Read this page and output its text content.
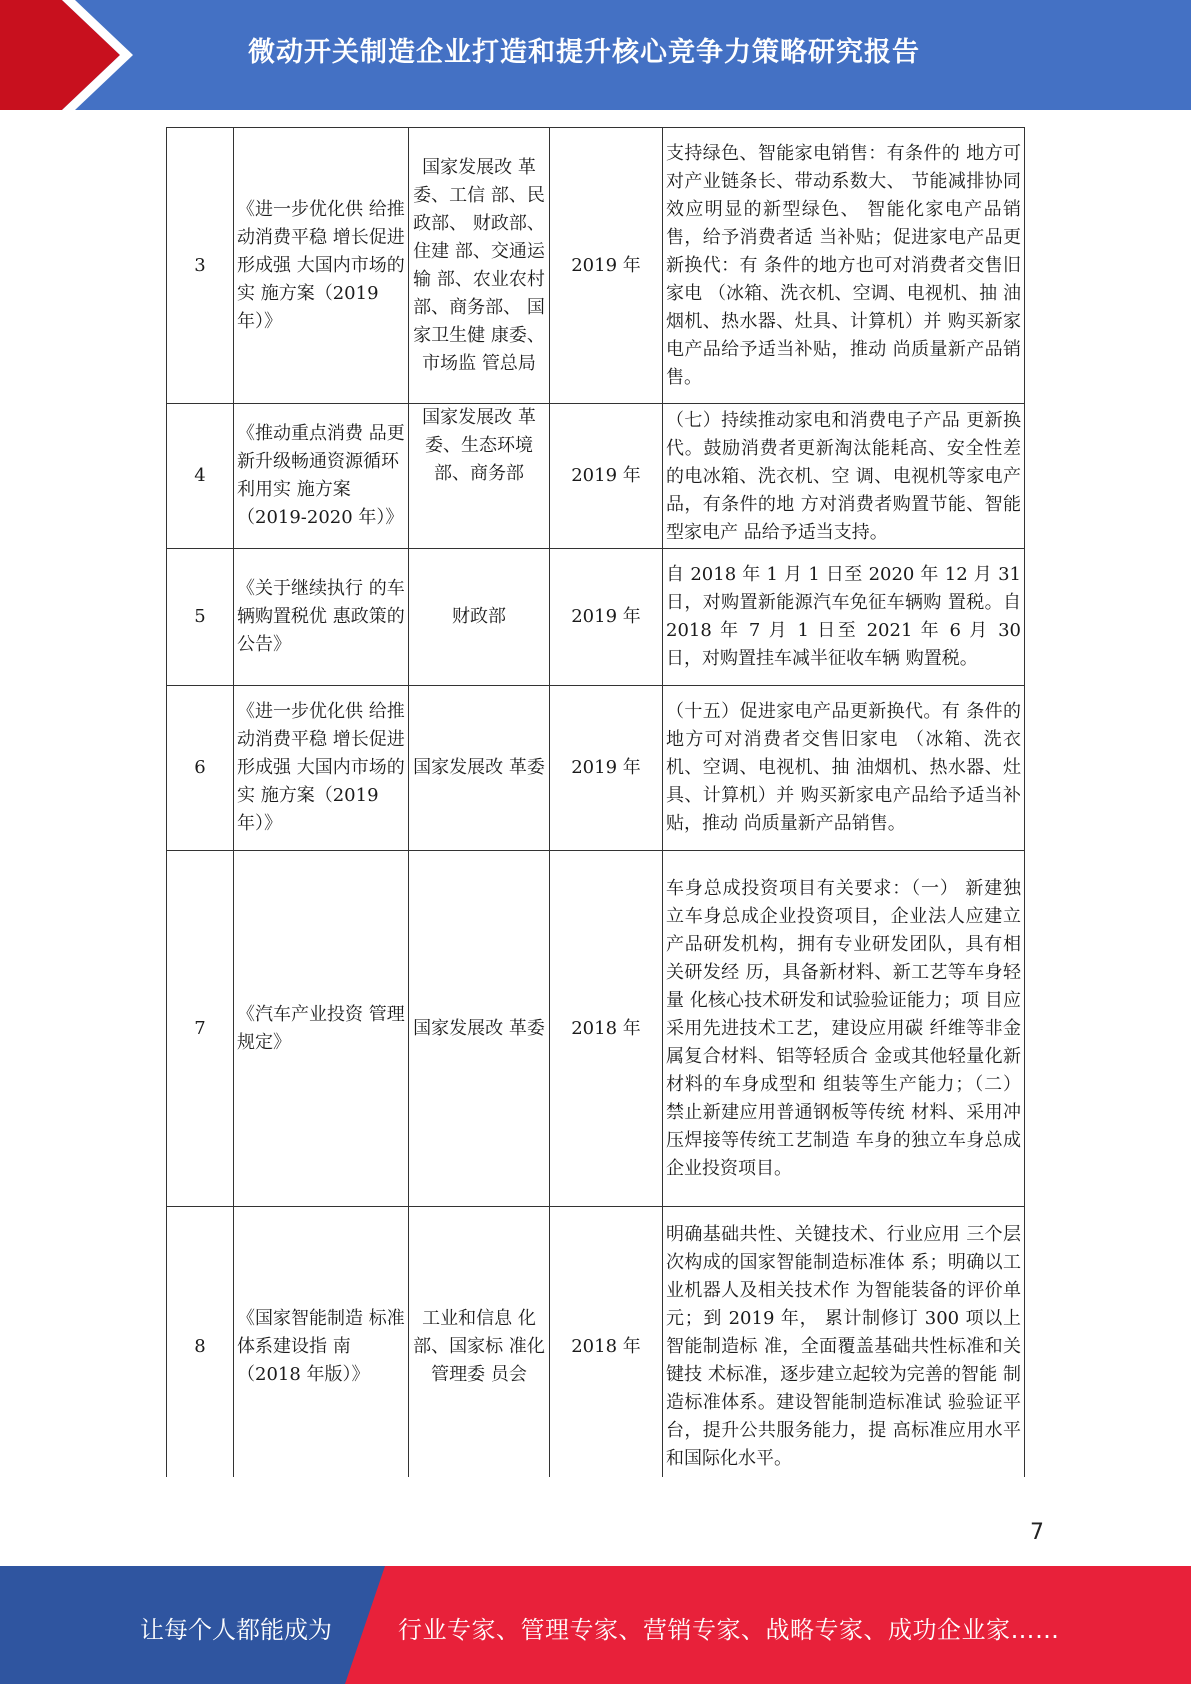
微动开关制造企业打造和提升核心竞争力策略研究报告
3	《进一步优化供 给推动消费平稳 增长促进形成强 大国内市场的实 施方案（2019 年）》	国家发展改 革委、工信 部、民政部、 财政部、住建 部、交通运输 部、农业农村 部、商务部、 国家卫生健 康委、市场监 管总局	2019 年	支持绿色、智能家电销售：有条件的 地方可对产业链条长、带动系数大、 节能减排协同效应明显的新型绿色、 智能化家电产品销售，给予消费者适 当补贴；促进家电产品更新换代：有 条件的地方也可对消费者交售旧家电 （冰箱、洗衣机、空调、电视机、抽 油烟机、热水器、灶具、计算机）并 购买新家电产品给予适当补贴，推动 尚质量新产品销售。
4	《推动重点消费 品更新升级畅通资源循环利用实 施方案（2019-2020 年）》	国家发展改 革委、生态环境部、商务部	2019 年	（七）持续推动家电和消费电子产品 更新换代。鼓励消费者更新淘汰能耗高、安全性差的电冰箱、洗衣机、空 调、电视机等家电产品，有条件的地 方对消费者购置节能、智能型家电产 品给予适当支持。

5	《关于继续执行 的车辆购置税优 惠政策的公告》	财政部	2019 年	自 2018 年 1 月 1 日至 2020 年 12 月 31 日，对购置新能源汽车免征车辆购 置税。自 2018 年 7 月 1 日至 2021 年 6 月 30 日，对购置挂车减半征收车辆 购置税。
6	《进一步优化供 给推动消费平稳 增长促进形成强 大国内市场的实 施方案（2019 年）》	国家发展改 革委	2019 年	（十五）促进家电产品更新换代。有 条件的地方可对消费者交售旧家电 （冰箱、洗衣机、空调、电视机、抽 油烟机、热水器、灶具、计算机）并 购买新家电产品给予适当补贴，推动 尚质量新产品销售。
7	《汽车产业投资 管理规定》	国家发展改 革委	2018 年	车身总成投资项目有关要求：（一） 新建独立车身总成企业投资项目，企业法人应建立产品研发机构，拥有专业研发团队，具有相关研发经 历，具备新材料、新工艺等车身轻量 化核心技术研发和试验验证能力；项 目应采用先进技术工艺，建设应用碳 纤维等非金属复合材料、铝等轻质合 金或其他轻量化新材料的车身成型和 组装等生产能力；（二）禁止新建应用普通钢板等传统 材料、采用冲压焊接等传统工艺制造 车身的独立车身总成企业投资项目。
8	《国家智能制造 标准体系建设指 南（2018 年版）》	工业和信息 化部、国家标 准化管理委 员会	2018 年	明确基础共性、关键技术、行业应用 三个层次构成的国家智能制造标准体 系；明确以工业机器人及相关技术作 为智能装备的评价单元；到 2019 年， 累计制修订 300 项以上智能制造标 准，全面覆盖基础共性标准和关键技 术标准，逐步建立起较为完善的智能 制造标准体系。建设智能制造标准试 验验证平台，提升公共服务能力，提 高标准应用水平和国际化水平。
7
让每个人都能成为	行业专家、管理专家、营销专家、战略专家、成功企业家……
